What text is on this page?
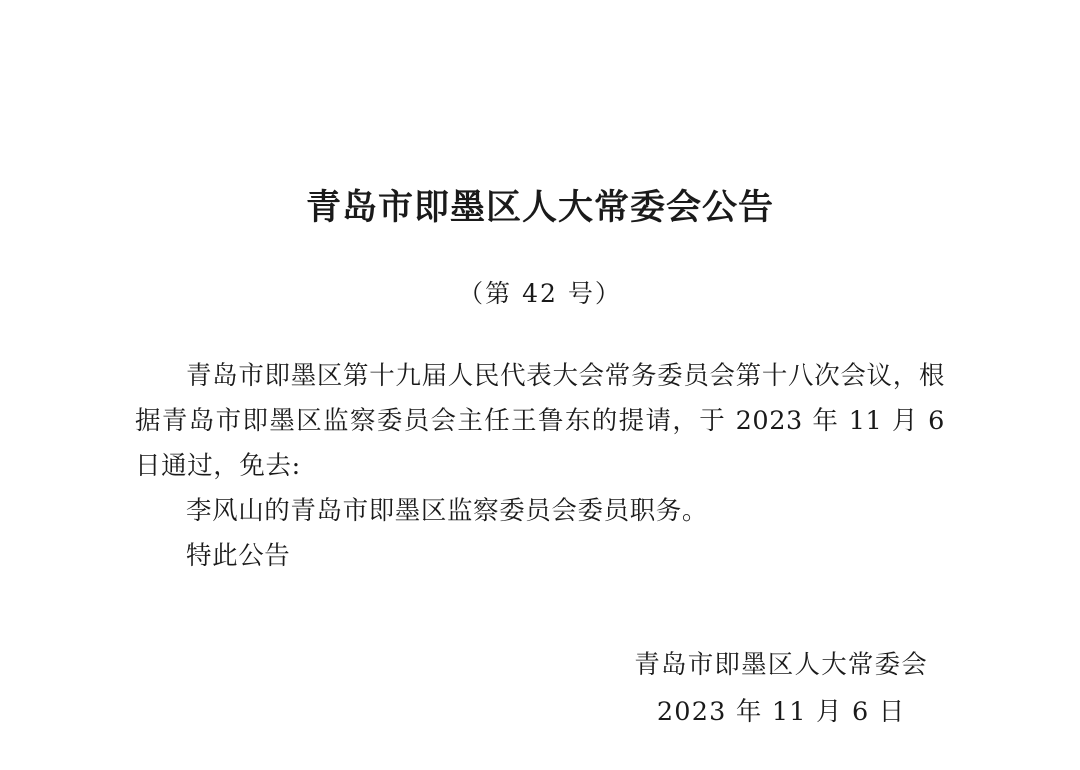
青岛市即墨区人大常委会公告

（第 42 号）

青岛市即墨区第十九届人民代表大会常务委员会第十八次会议，根据青岛市即墨区监察委员会主任王鲁东的提请，于 2023 年 11 月 6 日通过，免去:

李风山的青岛市即墨区监察委员会委员职务。

特此公告

青岛市即墨区人大常委会
2023 年 11 月 6 日
